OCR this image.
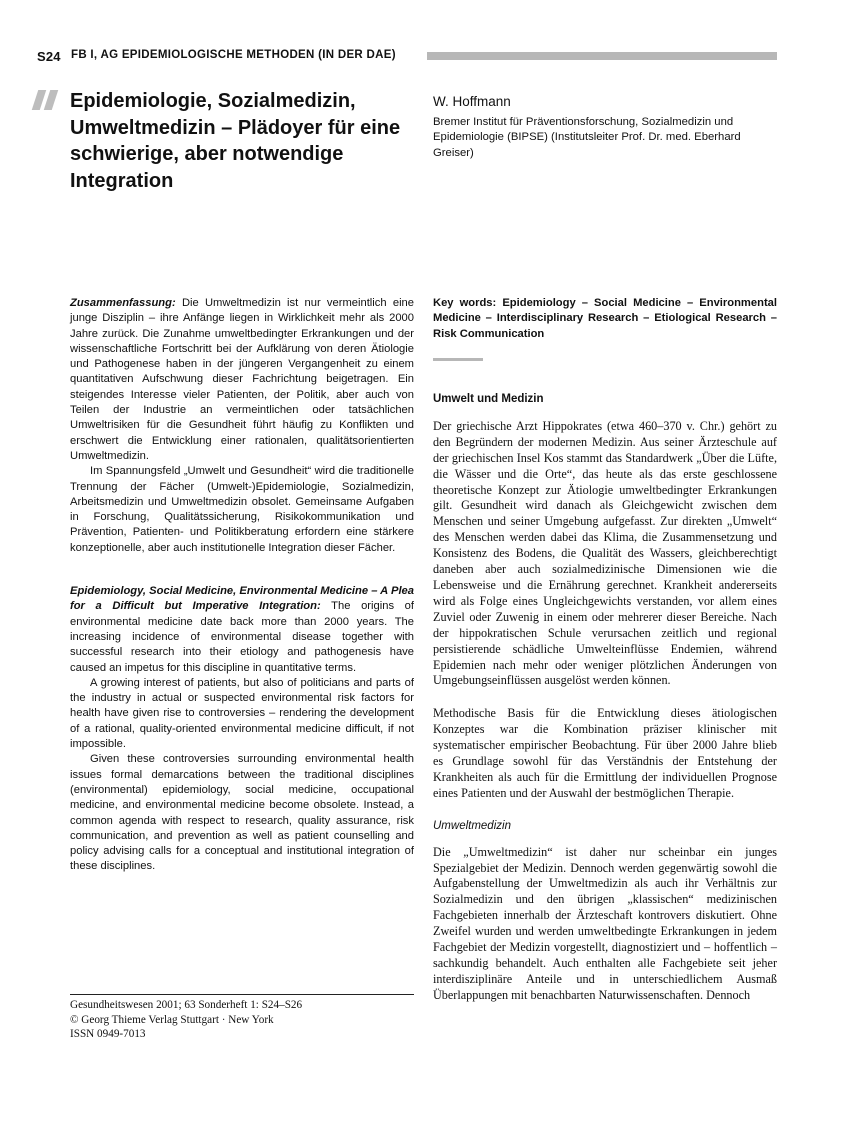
S24 FB I, AG EPIDEMIOLOGISCHE METHODEN (IN DER DAE)
Epidemiologie, Sozialmedizin, Umweltmedizin – Plädoyer für eine schwierige, aber notwendige Integration
W. Hoffmann
Bremer Institut für Präventionsforschung, Sozialmedizin und Epidemiologie (BIPSE) (Institutsleiter Prof. Dr. med. Eberhard Greiser)

Zusammenfassung: Die Umweltmedizin ist nur vermeintlich eine junge Disziplin – ihre Anfänge liegen in Wirklichkeit mehr als 2000 Jahre zurück. Die Zunahme umweltbedingter Erkrankungen und der wissenschaftliche Fortschritt bei der Aufklärung von deren Ätiologie und Pathogenese haben in der jüngeren Vergangenheit zu einem quantitativen Aufschwung dieser Fachrichtung beigetragen. Ein steigendes Interesse vieler Patienten, der Politik, aber auch von Teilen der Industrie an vermeintlichen oder tatsächlichen Umweltrisiken für die Gesundheit führt häufig zu Konflikten und erschwert die Entwicklung einer rationalen, qualitätsorientierten Umweltmedizin.

Im Spannungsfeld „Umwelt und Gesundheit“ wird die traditionelle Trennung der Fächer (Umwelt-)Epidemiologie, Sozialmedizin, Arbeitsmedizin und Umweltmedizin obsolet. Gemeinsame Aufgaben in Forschung, Qualitätssicherung, Risikokommunikation und Prävention, Patienten- und Politikberatung erfordern eine stärkere konzeptionelle, aber auch institutionelle Integration dieser Fächer.

Epidemiology, Social Medicine, Environmental Medicine – A Plea for a Difficult but Imperative Integration: The origins of environmental medicine date back more than 2000 years. The increasing incidence of environmental disease together with successful research into their etiology and pathogenesis have caused an impetus for this discipline in quantitative terms.

A growing interest of patients, but also of politicians and parts of the industry in actual or suspected environmental risk factors for health have given rise to controversies – rendering the development of a rational, quality-oriented environmental medicine difficult, if not impossible.

Given these controversies surrounding environmental health issues formal demarcations between the traditional disciplines (environmental) epidemiology, social medicine, occupational medicine, and environmental medicine become obsolete. Instead, a common agenda with respect to research, quality assurance, risk communication, and prevention as well as patient counselling and policy advising calls for a conceptual and institutional integration of these disciplines.

Key words: Epidemiology – Social Medicine – Environmental Medicine – Interdisciplinary Research – Etiological Research – Risk Communication

Umwelt und Medizin

Der griechische Arzt Hippokrates (etwa 460–370 v. Chr.) gehört zu den Begründern der modernen Medizin. Aus seiner Ärzteschule auf der griechischen Insel Kos stammt das Standardwerk „Über die Lüfte, die Wässer und die Orte“, das heute als das erste geschlossene theoretische Konzept zur Ätiologie umweltbedingter Erkrankungen gilt. Gesundheit wird danach als Gleichgewicht zwischen dem Menschen und seiner Umgebung aufgefasst. Zur direkten „Umwelt“ des Menschen werden dabei das Klima, die Zusammensetzung und Konsistenz des Bodens, die Qualität des Wassers, gleichberechtigt daneben aber auch sozialmedizinische Dimensionen wie die Lebensweise und die Ernährung gerechnet. Krankheit andererseits wird als Folge eines Ungleichgewichts verstanden, vor allem eines Zuviel oder Zuwenig in einem oder mehrerer dieser Bereiche. Nach der hippokratischen Schule verursachen zeitlich und regional persistierende schädliche Umwelteinflüsse Endemien, während Epidemien nach mehr oder weniger plötzlichen Änderungen von Umgebungseinflüssen ausgelöst werden können.

Methodische Basis für die Entwicklung dieses ätiologischen Konzeptes war die Kombination präziser klinischer mit systematischer empirischer Beobachtung. Für über 2000 Jahre blieb es Grundlage sowohl für das Verständnis der Entstehung der Krankheiten als auch für die Ermittlung der individuellen Prognose eines Patienten und der Auswahl der bestmöglichen Therapie.

Umweltmedizin

Die „Umweltmedizin“ ist daher nur scheinbar ein junges Spezialgebiet der Medizin. Dennoch werden gegenwärtig sowohl die Aufgabenstellung der Umweltmedizin als auch ihr Verhältnis zur Sozialmedizin und den übrigen „klassischen“ medizinischen Fachgebieten innerhalb der Ärzteschaft kontrovers diskutiert. Ohne Zweifel wurden und werden umweltbedingte Erkrankungen in jedem Fachgebiet der Medizin vorgestellt, diagnostiziert und – hoffentlich – sachkundig behandelt. Auch enthalten alle Fachgebiete seit jeher interdisziplinäre Anteile und in unterschiedlichem Ausmaß Überlappungen mit benachbarten Naturwissenschaften. Dennoch

Gesundheitswesen 2001; 63 Sonderheft 1: S24–S26
© Georg Thieme Verlag Stuttgart · New York
ISSN 0949-7013
